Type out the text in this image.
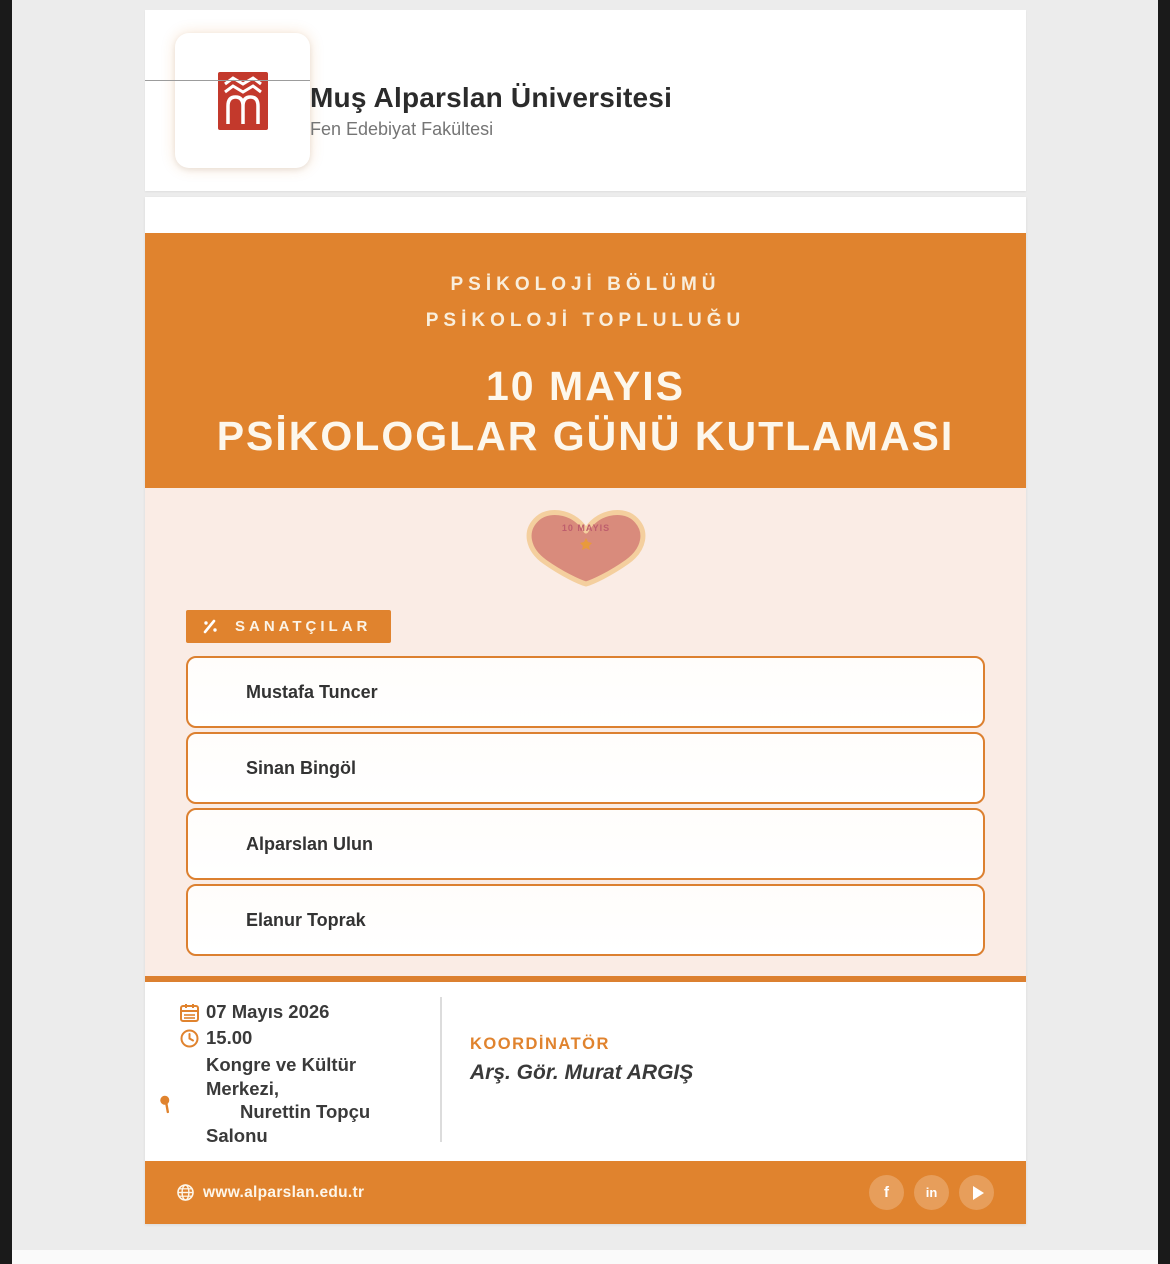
Muş Alparslan Üniversitesi
Fen Edebiyat Fakültesi
PSİKOLOJİ BÖLÜMÜ
PSİKOLOJİ TOPLULUĞU
10 MAYIS
PSİKOLOGLAR GÜNÜ KUTLAMASI
10 MAYIS
SANATÇILAR
Mustafa Tuncer
Sinan Bingöl
Alparslan Ulun
Elanur Toprak
07 Mayıs 2026
15.00
Kongre ve Kültür
Merkezi,
Nurettin Topçu
Salonu
KOORDİNATÖR
Arş. Gör. Murat ARGIŞ
www.alparslan.edu.tr	f	in
